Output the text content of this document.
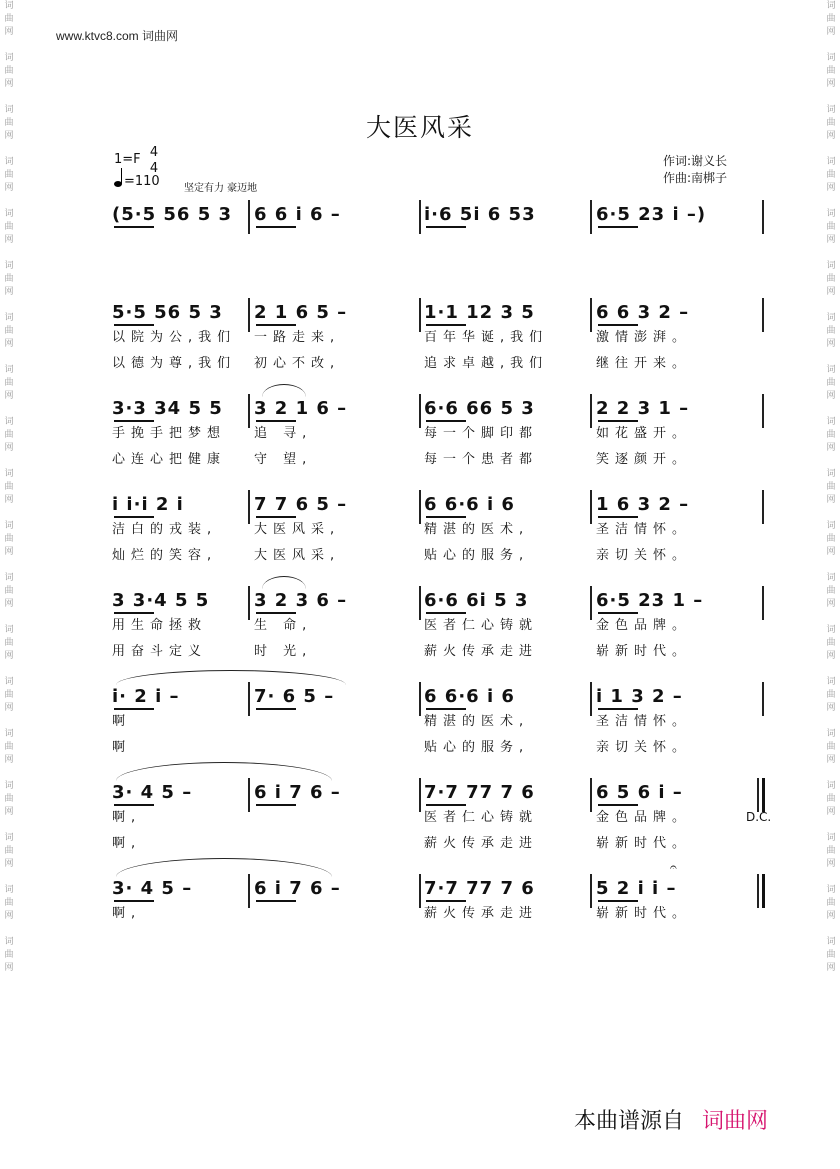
词
曲
网

词
曲
网

词
曲
网

词
曲
网

词
曲
网

词
曲
网

词
曲
网

词
曲
网

词
曲
网

词
曲
网

词
曲
网

词
曲
网

词
曲
网

词
曲
网

词
曲
网

词
曲
网

词
曲
网

词
曲
网

词
曲
网
词
曲
网

词
曲
网

词
曲
网

词
曲
网

词
曲
网

词
曲
网

词
曲
网

词
曲
网

词
曲
网

词
曲
网

词
曲
网

词
曲
网

词
曲
网

词
曲
网

词
曲
网

词
曲
网

词
曲
网

词
曲
网

词
曲
网
www.ktvc8.com 词曲网
大医风采
1=F 4
4
=110 坚定有力 豪迈地
作词:谢义长
作曲:南梆子
(5·5 56 5 3 6 6 i 6 –	i·6 5i 6 53	6·5 23 i –)
5·5 56 5 3
以院为公,我们
以德为尊,我们
2 1 6 5 –
一路走来,
初心不改,
1·1 12 3 5
百年华诞,我们
追求卓越,我们
6 6 3 2 –
激情澎湃。
继往开来。
3·3 34 5 5
手挽手把梦想
心连心把健康
3 2 1 6 –
追 寻,
守 望,
6·6 66 5 3
每一个脚印都
每一个患者都
2 2 3 1 –
如花盛开。
笑逐颜开。
i i·i 2 i
洁白的戎装,
灿烂的笑容,
7 7 6 5 –
大医风采,
大医风采,
6 6·6 i 6
精湛的医术,
贴心的服务,
1 6 3 2 –
圣洁情怀。
亲切关怀。
3 3·4 5 5
用生命拯救
用奋斗定义
3 2 3 6 –
生 命,
时 光,
6·6 6i 5 3
医者仁心铸就
薪火传承走进
6·5 23 1 –
金色品牌。
崭新时代。
i· 2 i –
啊
啊
7· 6 5 –	6 6·6 i 6
精湛的医术,
贴心的服务,
i 1 3 2 –
圣洁情怀。
亲切关怀。
3· 4 5 –
啊,
啊,
6 i 7 6 –	7·7 77 7 6
医者仁心铸就
薪火传承走进
6 5 6 i –
金色品牌。
崭新时代。
D.C.
3· 4 5 –
啊,
6 i 7 6 –	7·7 77 7 6
薪火传承走进
5 2 i i –
崭新时代。
𝄐
本曲谱源自 词曲网
